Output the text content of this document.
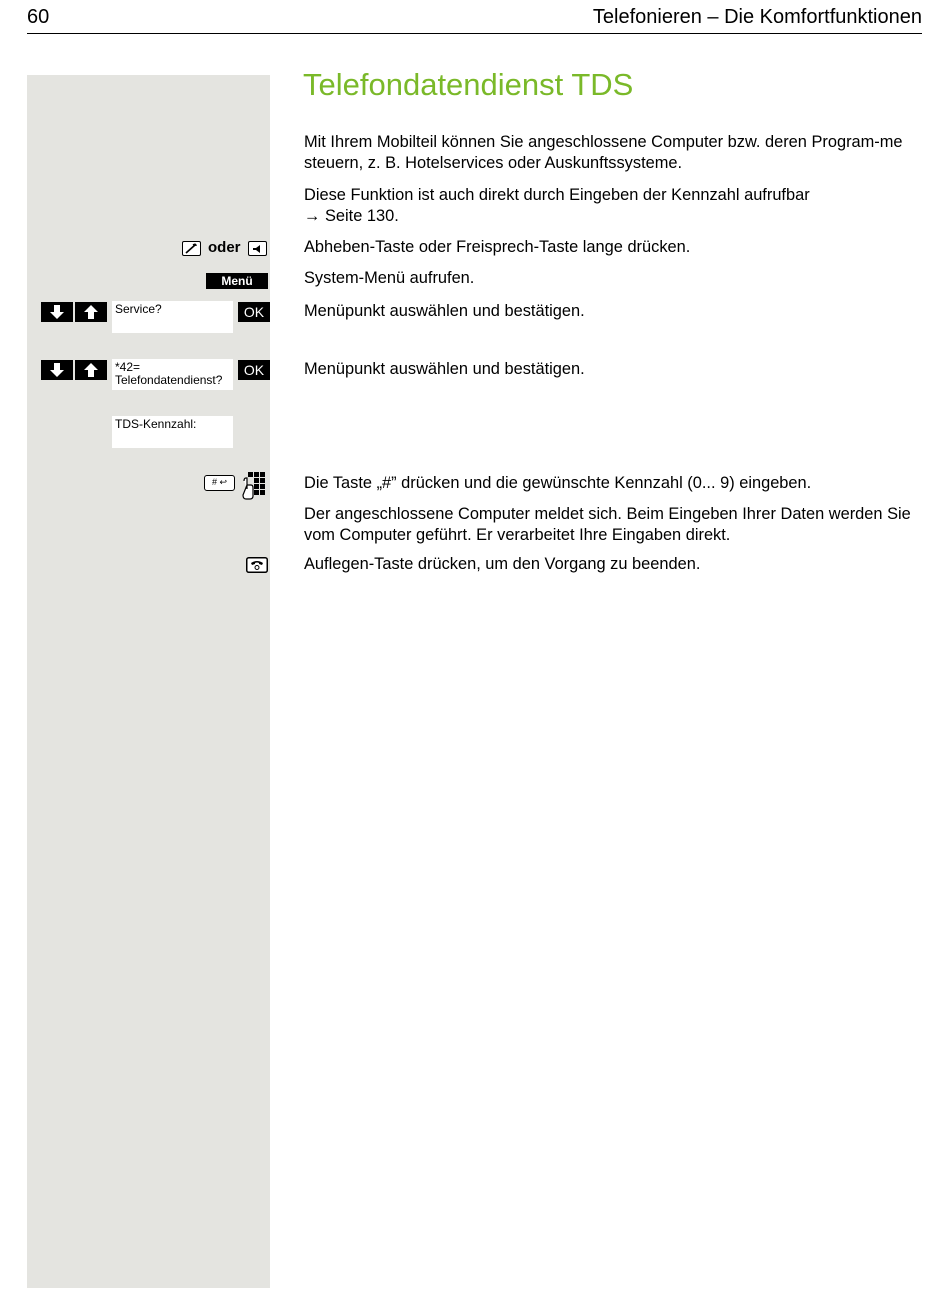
60	Telefonieren – Die Komfortfunktionen
Telefondatendienst TDS
Mit Ihrem Mobilteil können Sie angeschlossene Computer bzw. deren Program-me steuern, z. B. Hotelservices oder Auskunftssysteme.
Diese Funktion ist auch direkt durch Eingeben der Kennzahl aufrufbar
→ Seite 130.
oder	Abheben-Taste oder Freisprech-Taste lange drücken.
Menü	System-Menü aufrufen.
Service?	OK	Menüpunkt auswählen und bestätigen.
*42=
Telefondatendienst?
OK	Menüpunkt auswählen und bestätigen.
TDS-Kennzahl:
# ↩	Die Taste „#” drücken und die gewünschte Kennzahl (0... 9) eingeben.
Der angeschlossene Computer meldet sich. Beim Eingeben Ihrer Daten werden Sie vom Computer geführt. Er verarbeitet Ihre Eingaben direkt.
Auflegen-Taste drücken, um den Vorgang zu beenden.
